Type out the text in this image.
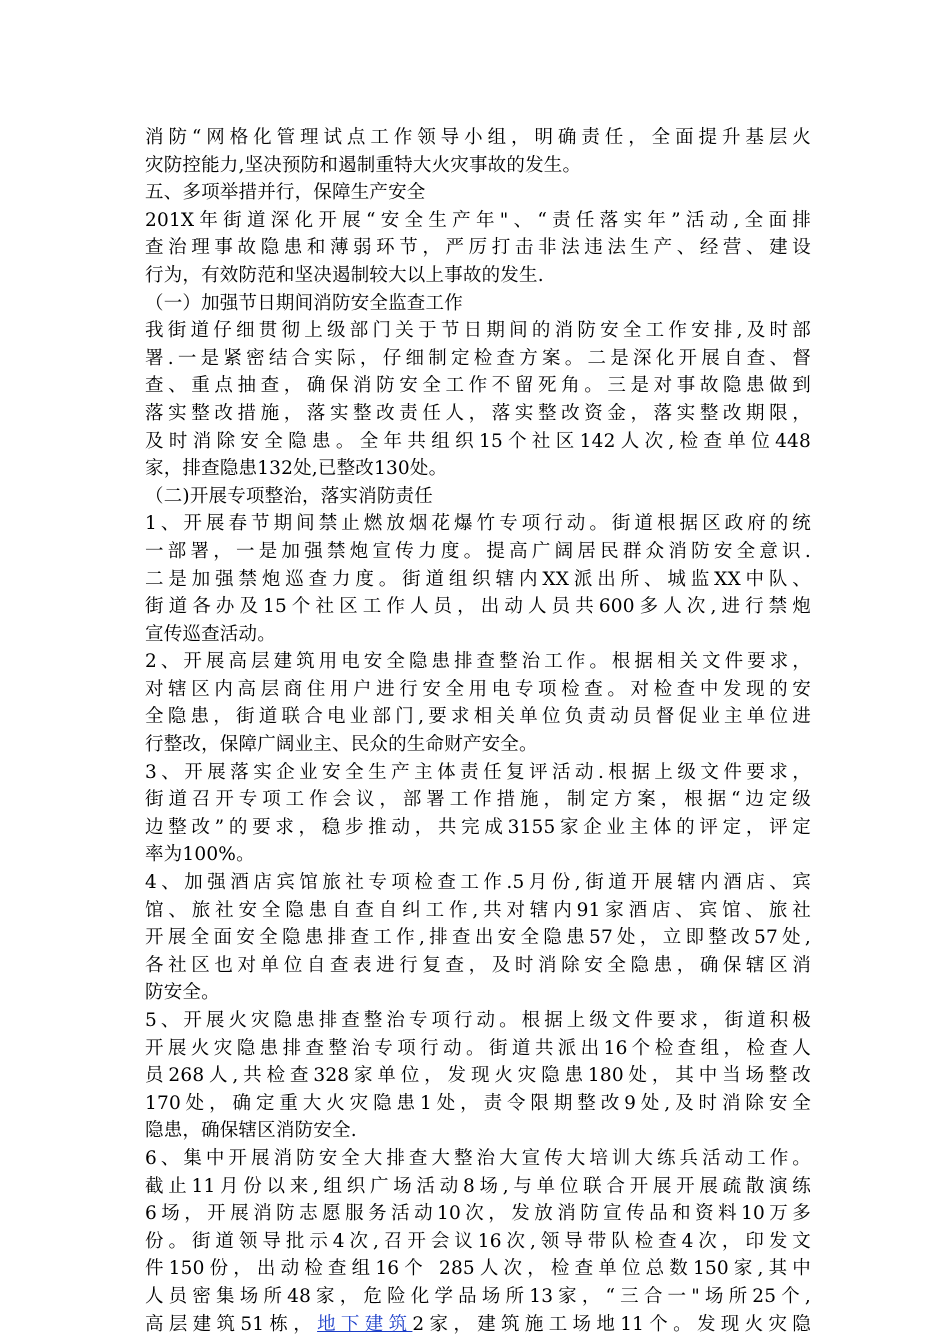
消防“网格化管理试点工作领导小组，明确责任，全面提升基层火
灾防控能力,坚决预防和遏制重特大火灾事故的发生。
五、多项举措并行，保障生产安全
201X年街道深化开展“安全生产年"、“责任落实年”活动,全面排
查治理事故隐患和薄弱环节，严厉打击非法违法生产、经营、建设
行为，有效防范和坚决遏制较大以上事故的发生.
（一）加强节日期间消防安全监查工作
我街道仔细贯彻上级部门关于节日期间的消防安全工作安排,及时部
署.一是紧密结合实际，仔细制定检查方案。二是深化开展自查、督
查、重点抽查，确保消防安全工作不留死角。三是对事故隐患做到
落实整改措施，落实整改责任人，落实整改资金，落实整改期限，
及时消除安全隐患。全年共组织15个社区142人次,检查单位448
家，排查隐患132处,已整改130处。
（二)开展专项整治，落实消防责任
1、开展春节期间禁止燃放烟花爆竹专项行动。街道根据区政府的统
一部署，一是加强禁炮宣传力度。提高广阔居民群众消防安全意识.
二是加强禁炮巡查力度。街道组织辖内XX派出所、城监XX中队、
街道各办及15个社区工作人员，出动人员共600多人次,进行禁炮
宣传巡查活动。
2、开展高层建筑用电安全隐患排查整治工作。根据相关文件要求，
对辖区内高层商住用户进行安全用电专项检查。对检查中发现的安
全隐患，街道联合电业部门,要求相关单位负责动员督促业主单位进
行整改，保障广阔业主、民众的生命财产安全。
3、开展落实企业安全生产主体责任复评活动.根据上级文件要求，
街道召开专项工作会议，部署工作措施，制定方案，根据“边定级
边整改”的要求，稳步推动，共完成3155家企业主体的评定，评定
率为100%。
4、加强酒店宾馆旅社专项检查工作.5月份,街道开展辖内酒店、宾
馆、旅社安全隐患自查自纠工作,共对辖内91家酒店、宾馆、旅社
开展全面安全隐患排查工作,排查出安全隐患57处，立即整改57处,
各社区也对单位自查表进行复查，及时消除安全隐患，确保辖区消
防安全。
5、开展火灾隐患排查整治专项行动。根据上级文件要求，街道积极
开展火灾隐患排查整治专项行动。街道共派出16个检查组，检查人
员268人,共检查328家单位，发现火灾隐患180处，其中当场整改
170处，确定重大火灾隐患1处，责令限期整改9处,及时消除安全
隐患，确保辖区消防安全.
6、集中开展消防安全大排查大整治大宣传大培训大练兵活动工作。
截止11月份以来,组织广场活动8场,与单位联合开展开展疏散演练
6场，开展消防志愿服务活动10次，发放消防宣传品和资料10万多
份。街道领导批示4次,召开会议16次,领导带队检查4次，印发文
件150份，出动检查组16个 285人次，检查单位总数150家,其中
人员密集场所48家，危险化学品场所13家，“三合一"场所25个,
高层建筑51栋，地下建筑2家，建筑施工场地11个。发现火灾隐
